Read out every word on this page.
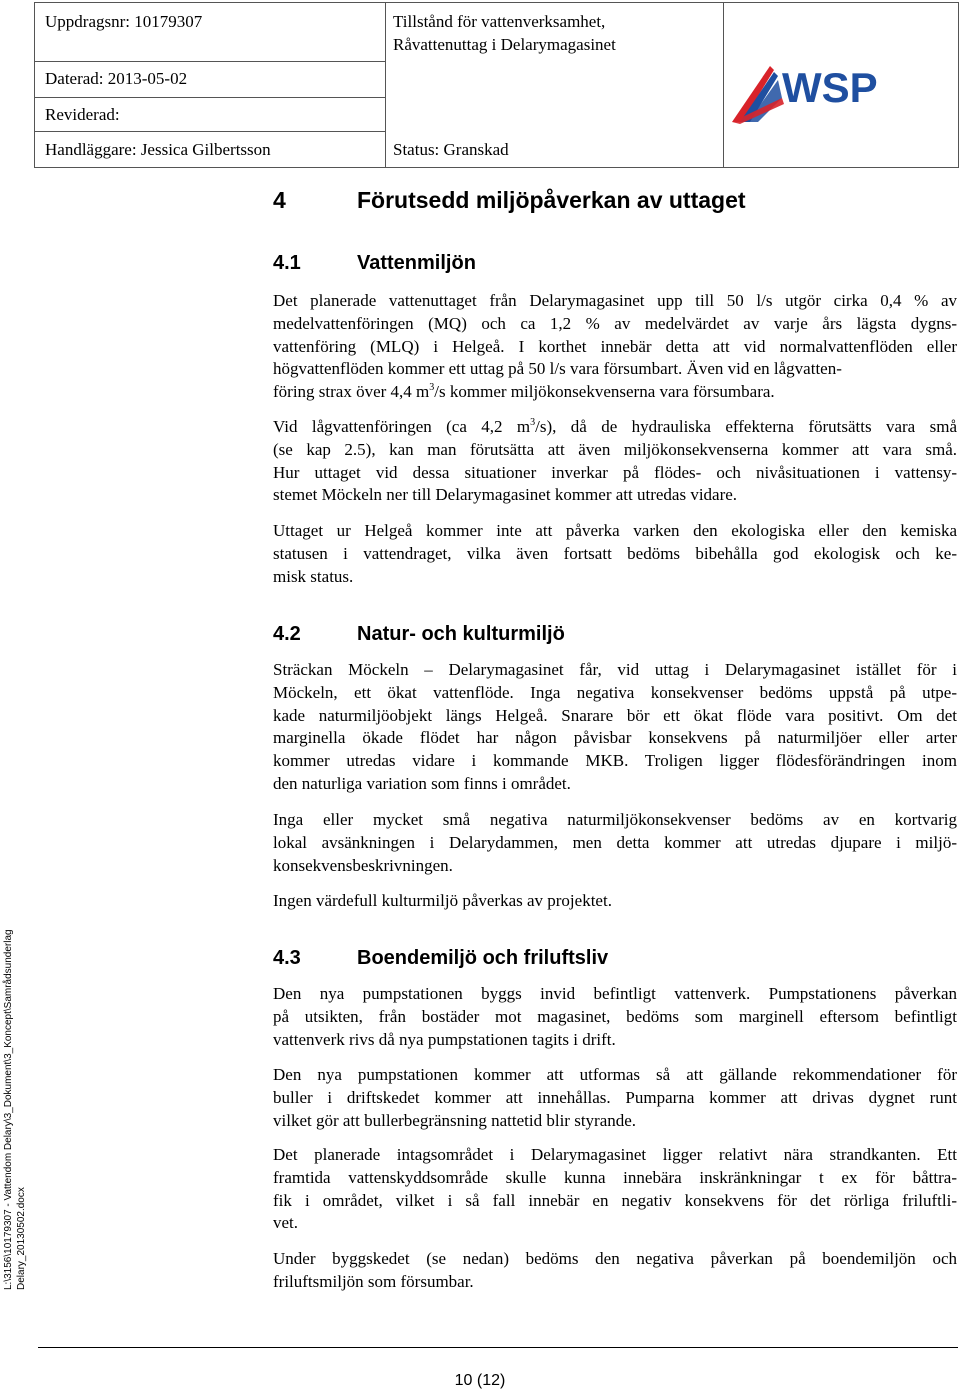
Uppdragsnr: 10179307	Tillstånd för vattenverksamhet,
Råvattenuttag i Delarymagasinet
Daterad: 2013-05-02
Reviderad:
Handläggare: Jessica Gilbertsson	Status: Granskad
WSP
4	Förutsedd miljöpåverkan av uttaget
4.1	Vattenmiljön

Det planerade vattenuttaget från Delarymagasinet upp till 50 l/s utgör cirka 0,4 % av
medelvattenföringen (MQ) och ca 1,2 % av medelvärdet av varje års lägsta dygns-
vattenföring (MLQ) i Helgeå. I korthet innebär detta att vid normalvattenflöden eller
högvattenflöden kommer ett uttag på 50 l/s vara försumbart. Även vid en lågvatten-
föring strax över 4,4 $m^3/s$ kommer miljökonsekvenserna vara försumbara.

Vid lågvattenföringen (ca 4,2 $m^3/s$), då de hydrauliska effekterna förutsätts vara små
(se kap 2.5), kan man förutsätta att även miljökonsekvenserna kommer att vara små.
Hur uttaget vid dessa situationer inverkar på flödes- och nivåsituationen i vattensy-
stemet Möckeln ner till Delarymagasinet kommer att utredas vidare.

Uttaget ur Helgeå kommer inte att påverka varken den ekologiska eller den kemiska
statusen i vattendraget, vilka även fortsatt bedöms bibehålla god ekologisk och ke-
misk status.

4.2	Natur- och kulturmiljö

Sträckan Möckeln – Delarymagasinet får, vid uttag i Delarymagasinet istället för i
Möckeln, ett ökat vattenflöde. Inga negativa konsekvenser bedöms uppstå på utpe-
kade naturmiljöobjekt längs Helgeå. Snarare bör ett ökat flöde vara positivt. Om det
marginella ökade flödet har någon påvisbar konsekvens på naturmiljöer eller arter
kommer utredas vidare i kommande MKB. Troligen ligger flödesförändringen inom
den naturliga variation som finns i området.

Inga eller mycket små negativa naturmiljökonsekvenser bedöms av en kortvarig
lokal avsänkningen i Delarydammen, men detta kommer att utredas djupare i miljö-
konsekvensbeskrivningen.

Ingen värdefull kulturmiljö påverkas av projektet.

4.3	Boendemiljö och friluftsliv

Den nya pumpstationen byggs invid befintligt vattenverk. Pumpstationens påverkan
på utsikten, från bostäder mot magasinet, bedöms som marginell eftersom befintligt
vattenverk rivs då nya pumpstationen tagits i drift.

Den nya pumpstationen kommer att utformas så att gällande rekommendationer för
buller i driftskedet kommer att innehållas. Pumparna kommer att drivas dygnet runt
vilket gör att bullerbegränsning nattetid blir styrande.

Det planerade intagsområdet i Delarymagasinet ligger relativt nära strandkanten. Ett
framtida vattenskyddsområde skulle kunna innebära inskränkningar t ex för båttra-
fik i området, vilket i så fall innebär en negativ konsekvens för det rörliga friluftli-
vet.

Under byggskedet (se nedan) bedöms den negativa påverkan på boendemiljön och
friluftsmiljön som försumbar.

L:\3156\10179307 - Vattendom Delary\3_Dokument\3_Koncept\Samrådsunderlag Delary_20130502.docx
10 (12)
